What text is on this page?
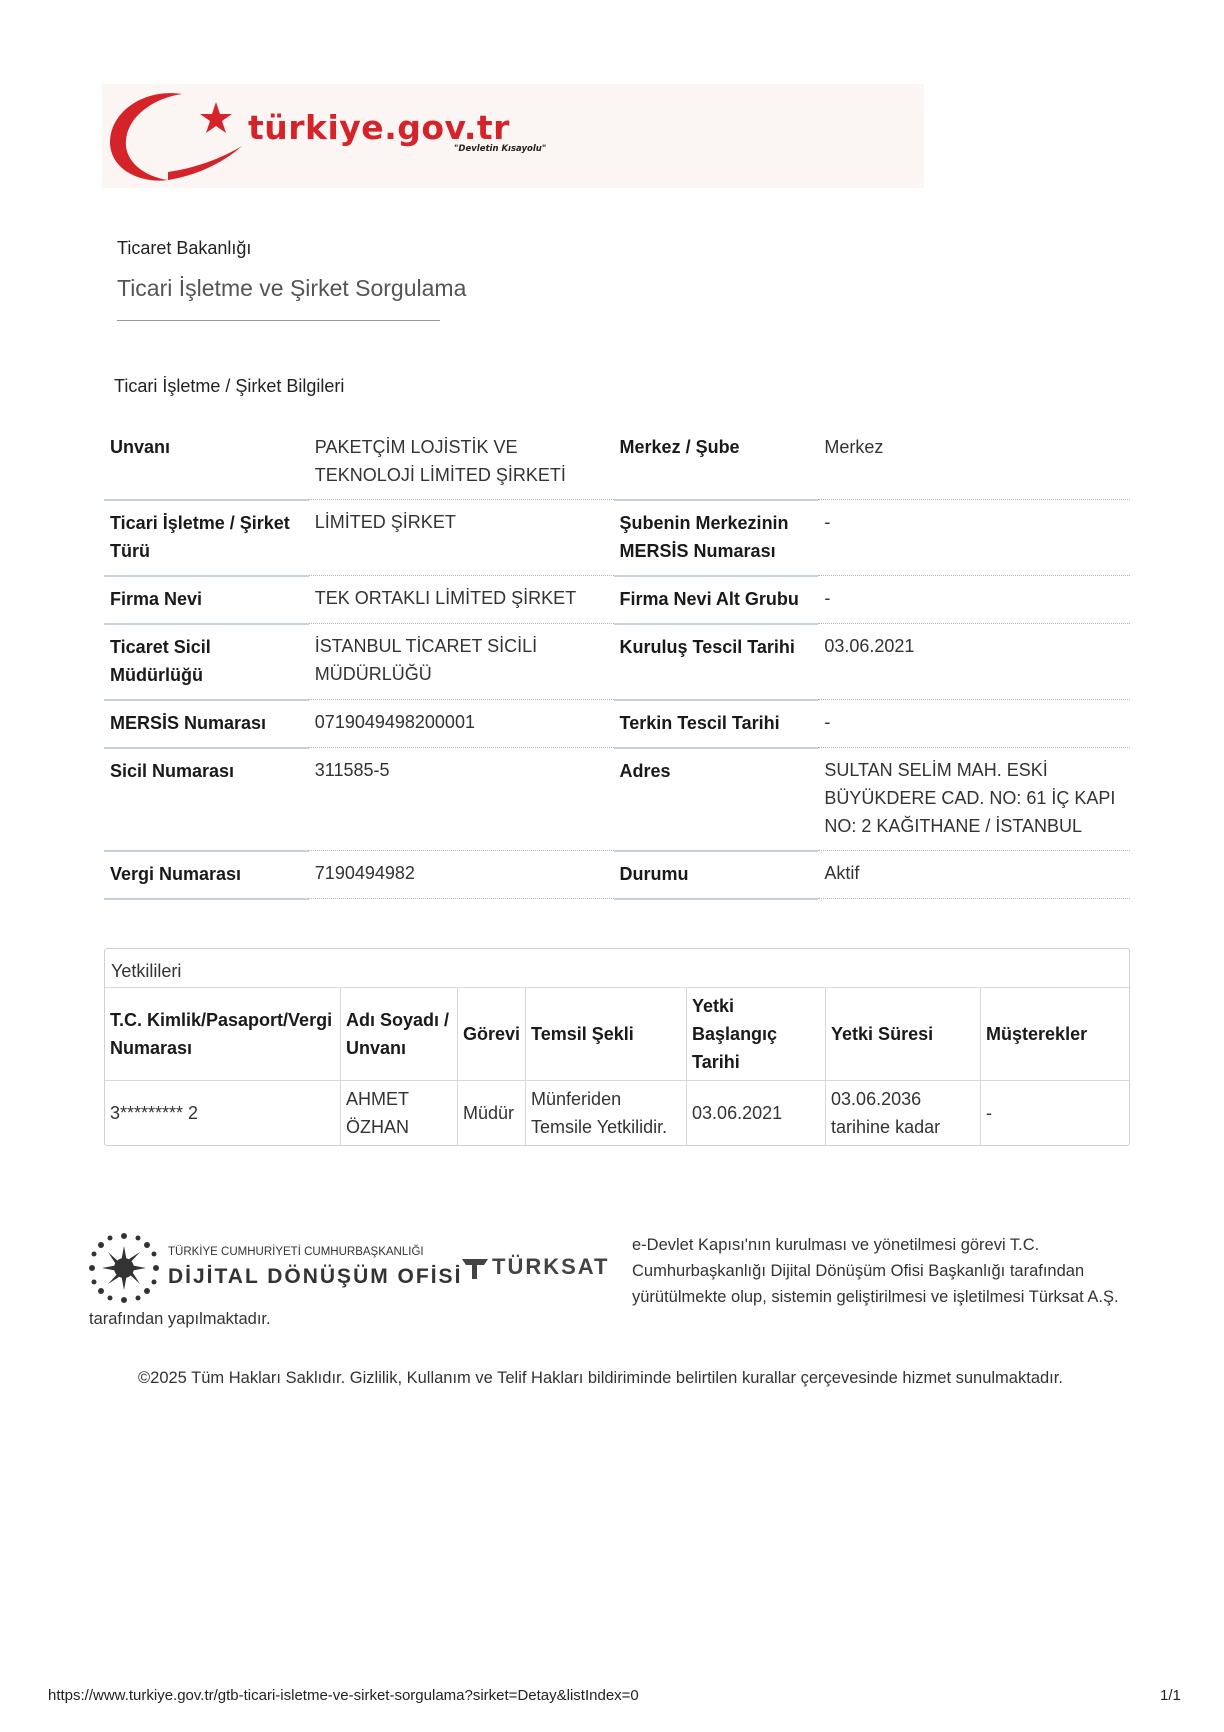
türkiye.gov.tr
"Devletin Kısayolu"
Ticaret Bakanlığı
Ticari İşletme ve Şirket Sorgulama
Ticari İşletme / Şirket Bilgileri
Unvanı	PAKETÇİM LOJİSTİK VE TEKNOLOJİ LİMİTED ŞİRKETİ	Merkez / Şube	Merkez
Ticari İşletme / Şirket Türü	LİMİTED ŞİRKET	Şubenin Merkezinin MERSİS Numarası	-
Firma Nevi	TEK ORTAKLI LİMİTED ŞİRKET	Firma Nevi Alt Grubu	-
Ticaret Sicil Müdürlüğü	İSTANBUL TİCARET SİCİLİ MÜDÜRLÜĞÜ	Kuruluş Tescil Tarihi	03.06.2021
MERSİS Numarası	0719049498200001	Terkin Tescil Tarihi	-
Sicil Numarası	311585-5	Adres	SULTAN SELİM MAH. ESKİ BÜYÜKDERE CAD. NO: 61 İÇ KAPI NO: 2 KAĞITHANE / İSTANBUL
Vergi Numarası	7190494982	Durumu	Aktif
Yetkilileri
T.C. Kimlik/Pasaport/Vergi Numarası	Adı Soyadı / Unvanı	Görevi	Temsil Şekli	Yetki Başlangıç Tarihi	Yetki Süresi	Müşterekler
3********* 2	AHMET ÖZHAN	Müdür	Münferiden Temsile Yetkilidir.	03.06.2021	03.06.2036 tarihine kadar	-
TÜRKİYE CUMHURİYETİ CUMHURBAŞKANLIĞI
DİJİTAL DÖNÜŞÜM OFİSİ TÜRKSAT
e-Devlet Kapısı'nın kurulması ve yönetilmesi görevi T.C. Cumhurbaşkanlığı Dijital Dönüşüm Ofisi Başkanlığı tarafından yürütülmekte olup, sistemin geliştirilmesi ve işletilmesi Türksat A.Ş.
tarafından yapılmaktadır.
©2025 Tüm Hakları Saklıdır. Gizlilik, Kullanım ve Telif Hakları bildiriminde belirtilen kurallar çerçevesinde hizmet sunulmaktadır.
https://www.turkiye.gov.tr/gtb-ticari-isletme-ve-sirket-sorgulama?sirket=Detay&listIndex=0	1/1
